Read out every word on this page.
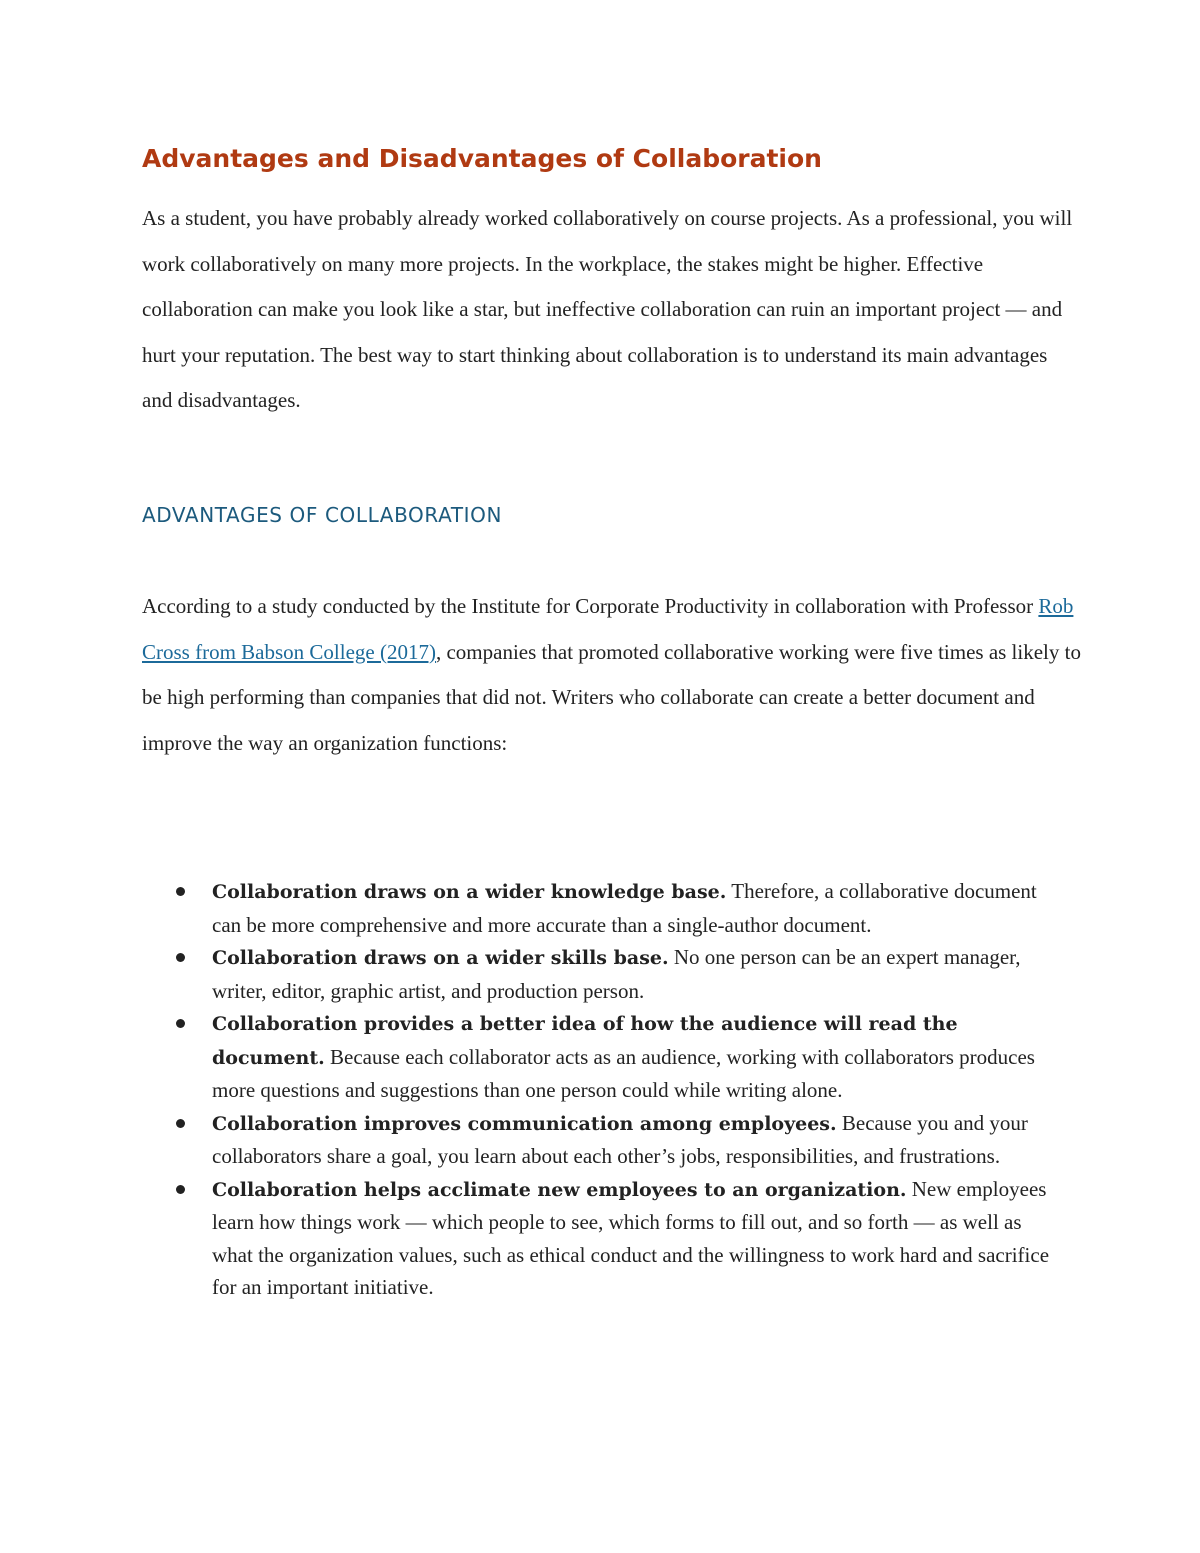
Advantages and Disadvantages of Collaboration

As a student, you have probably already worked collaboratively on course projects. As a professional, you will work collaboratively on many more projects. In the workplace, the stakes might be higher. Effective collaboration can make you look like a star, but ineffective collaboration can ruin an important project — and hurt your reputation. The best way to start thinking about collaboration is to understand its main advantages and disadvantages.

ADVANTAGES OF COLLABORATION

According to a study conducted by the Institute for Corporate Productivity in collaboration with Professor Rob Cross from Babson College (2017), companies that promoted collaborative working were five times as likely to be high performing than companies that did not. Writers who collaborate can create a better document and improve the way an organization functions:

Collaboration draws on a wider knowledge base. Therefore, a collaborative document can be more comprehensive and more accurate than a single-author document.
Collaboration draws on a wider skills base. No one person can be an expert manager, writer, editor, graphic artist, and production person.
Collaboration provides a better idea of how the audience will read the document. Because each collaborator acts as an audience, working with collaborators produces more questions and suggestions than one person could while writing alone.
Collaboration improves communication among employees. Because you and your collaborators share a goal, you learn about each other’s jobs, responsibilities, and frustrations.
Collaboration helps acclimate new employees to an organization. New employees learn how things work — which people to see, which forms to fill out, and so forth — as well as what the organization values, such as ethical conduct and the willingness to work hard and sacrifice for an important initiative.
